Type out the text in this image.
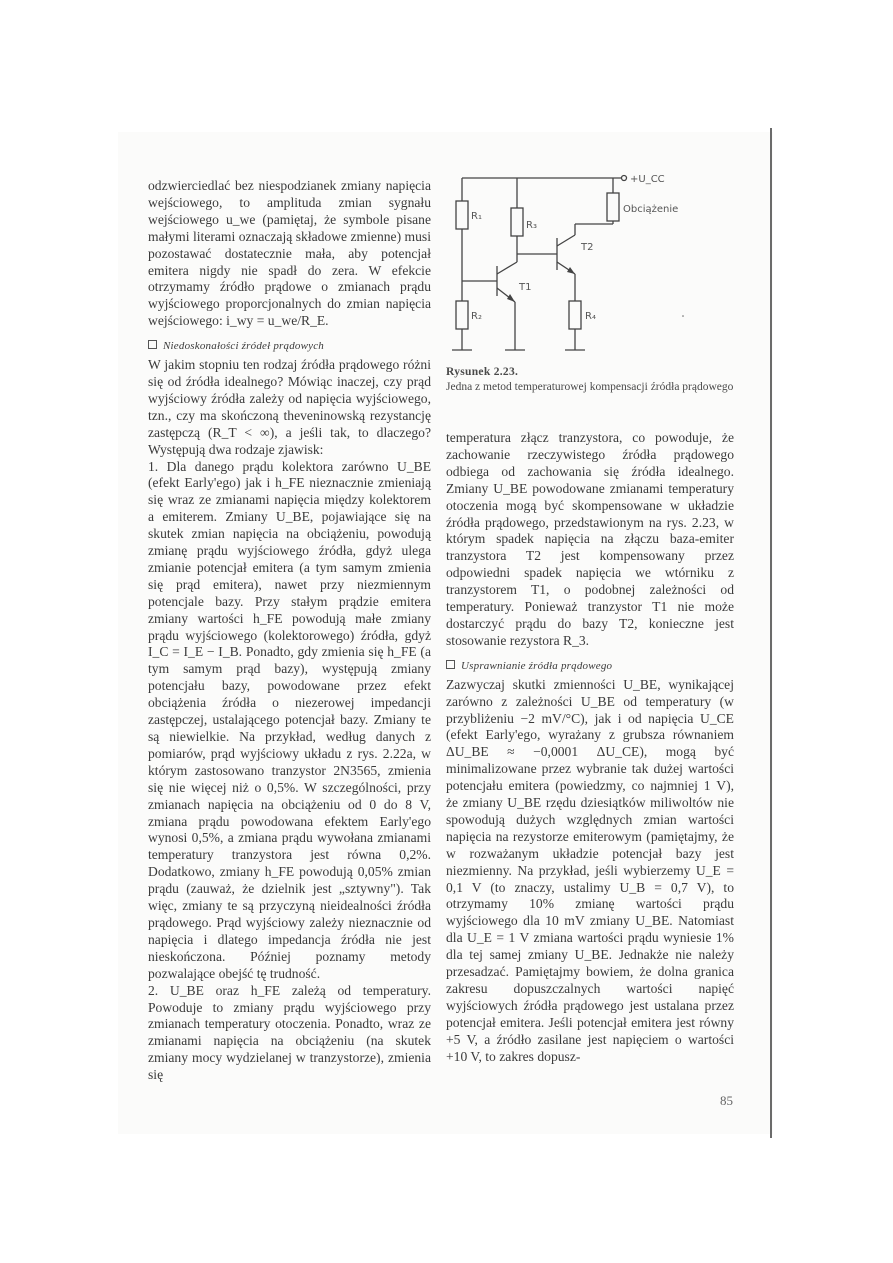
odzwierciedlać bez niespodzianek zmiany napięcia wejściowego, to amplituda zmian sygnału wejściowego u_we (pamiętaj, że symbole pisane małymi literami oznaczają składowe zmienne) musi pozostawać dostatecznie mała, aby potencjał emitera nigdy nie spadł do zera. W efekcie otrzymamy źródło prądowe o zmianach prądu wyjściowego proporcjonalnych do zmian napięcia wejściowego: i_wy = u_we/R_E.

Niedoskonałości źródeł prądowych

W jakim stopniu ten rodzaj źródła prądowego różni się od źródła idealnego? Mówiąc inaczej, czy prąd wyjściowy źródła zależy od napięcia wyjściowego, tzn., czy ma skończoną theveninowską rezystancję zastępczą (R_T < ∞), a jeśli tak, to dlaczego? Występują dwa rodzaje zjawisk:

1. Dla danego prądu kolektora zarówno U_BE (efekt Early'ego) jak i h_FE nieznacznie zmieniają się wraz ze zmianami napięcia między kolektorem a emiterem. Zmiany U_BE, pojawiające się na skutek zmian napięcia na obciążeniu, powodują zmianę prądu wyjściowego źródła, gdyż ulega zmianie potencjał emitera (a tym samym zmienia się prąd emitera), nawet przy niezmiennym potencjale bazy. Przy stałym prądzie emitera zmiany wartości h_FE powodują małe zmiany prądu wyjściowego (kolektorowego) źródła, gdyż I_C = I_E − I_B. Ponadto, gdy zmienia się h_FE (a tym samym prąd bazy), występują zmiany potencjału bazy, powodowane przez efekt obciążenia źródła o niezerowej impedancji zastępczej, ustalającego potencjał bazy. Zmiany te są niewielkie. Na przykład, według danych z pomiarów, prąd wyjściowy układu z rys. 2.22a, w którym zastosowano tranzystor 2N3565, zmienia się nie więcej niż o 0,5%. W szczególności, przy zmianach napięcia na obciążeniu od 0 do 8 V, zmiana prądu powodowana efektem Early'ego wynosi 0,5%, a zmiana prądu wywołana zmianami temperatury tranzystora jest równa 0,2%. Dodatkowo, zmiany h_FE powodują 0,05% zmian prądu (zauważ, że dzielnik jest „sztywny"). Tak więc, zmiany te są przyczyną nieidealności źródła prądowego. Prąd wyjściowy zależy nieznacznie od napięcia i dlatego impedancja źródła nie jest nieskończona. Później poznamy metody pozwalające obejść tę trudność.

2. U_BE oraz h_FE zależą od temperatury. Powoduje to zmiany prądu wyjściowego przy zmianach temperatury otoczenia. Ponadto, wraz ze zmianami napięcia na obciążeniu (na skutek zmiany mocy wydzielanej w tranzystorze), zmienia się

+U_CC
Obciążenie
R₁
R₂
R₃
R₄
T1
T2
Rysunek 2.23.
Jedna z metod temperaturowej kompensacji źródła prądowego

temperatura złącz tranzystora, co powoduje, że zachowanie rzeczywistego źródła prądowego odbiega od zachowania się źródła idealnego. Zmiany U_BE powodowane zmianami temperatury otoczenia mogą być skompensowane w układzie źródła prądowego, przedstawionym na rys. 2.23, w którym spadek napięcia na złączu baza-emiter tranzystora T2 jest kompensowany przez odpowiedni spadek napięcia we wtórniku z tranzystorem T1, o podobnej zależności od temperatury. Ponieważ tranzystor T1 nie może dostarczyć prądu do bazy T2, konieczne jest stosowanie rezystora R_3.

Usprawnianie źródła prądowego

Zazwyczaj skutki zmienności U_BE, wynikającej zarówno z zależności U_BE od temperatury (w przybliżeniu −2 mV/°C), jak i od napięcia U_CE (efekt Early'ego, wyrażany z grubsza równaniem ΔU_BE ≈ −0,0001 ΔU_CE), mogą być minimalizowane przez wybranie tak dużej wartości potencjału emitera (powiedzmy, co najmniej 1 V), że zmiany U_BE rzędu dziesiątków miliwoltów nie spowodują dużych względnych zmian wartości napięcia na rezystorze emiterowym (pamiętajmy, że w rozważanym układzie potencjał bazy jest niezmienny. Na przykład, jeśli wybierzemy U_E = 0,1 V (to znaczy, ustalimy U_B = 0,7 V), to otrzymamy 10% zmianę wartości prądu wyjściowego dla 10 mV zmiany U_BE. Natomiast dla U_E = 1 V zmiana wartości prądu wyniesie 1% dla tej samej zmiany U_BE. Jednakże nie należy przesadzać. Pamiętajmy bowiem, że dolna granica zakresu dopuszczalnych wartości napięć wyjściowych źródła prądowego jest ustalana przez potencjał emitera. Jeśli potencjał emitera jest równy +5 V, a źródło zasilane jest napięciem o wartości +10 V, to zakres dopusz-

85
